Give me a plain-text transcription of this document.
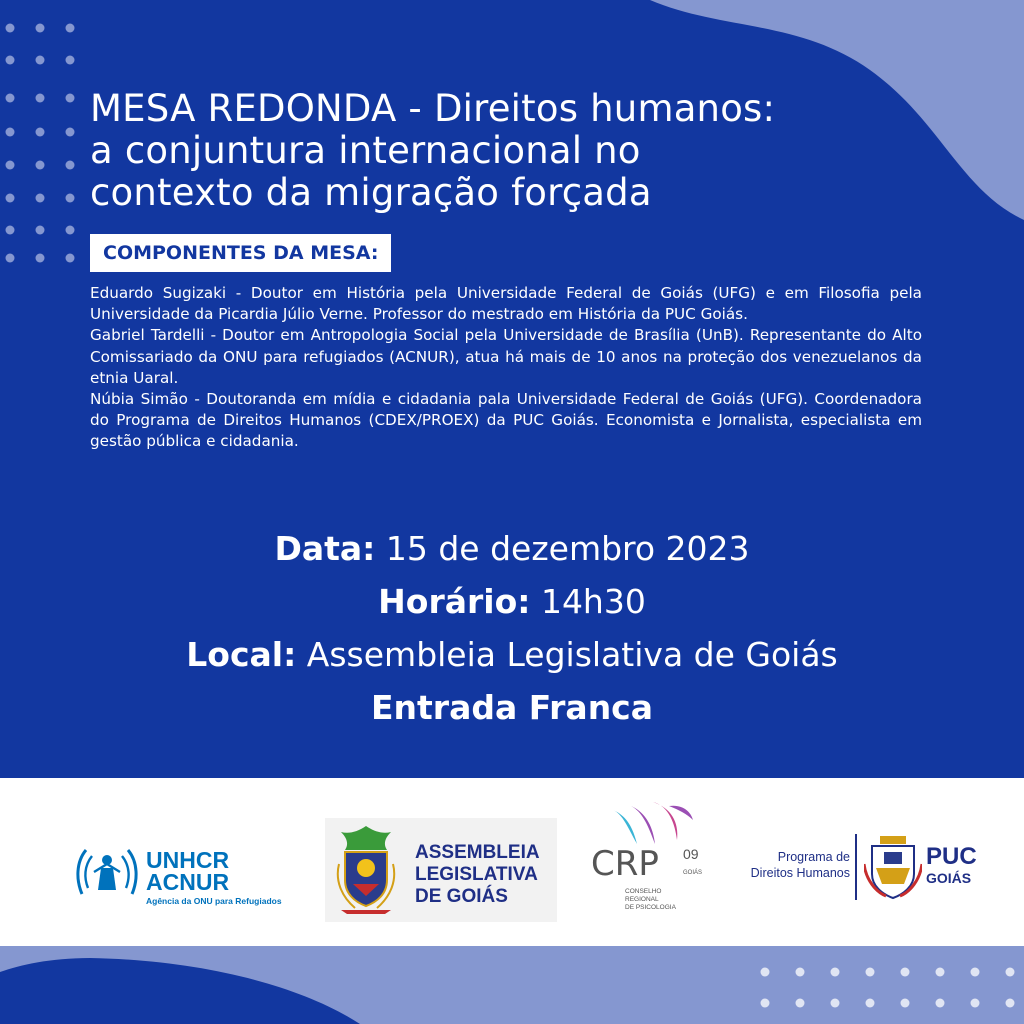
MESA REDONDA - Direitos humanos:
a conjuntura internacional no
contexto da migração forçada
COMPONENTES DA MESA:

Eduardo Sugizaki - Doutor em História pela Universidade Federal de Goiás (UFG) e em Filosofia pela Universidade da Picardia Júlio Verne. Professor do mestrado em História da PUC Goiás.

Gabriel Tardelli - Doutor em Antropologia Social pela Universidade de Brasília (UnB). Representante do Alto Comissariado da ONU para refugiados (ACNUR), atua há mais de 10 anos na proteção dos venezuelanos da etnia Uaral.

Núbia Simão - Doutoranda em mídia e cidadania pala Universidade Federal de Goiás (UFG). Coordenadora do Programa de Direitos Humanos (CDEX/PROEX) da PUC Goiás. Economista e Jornalista, especialista em gestão pública e cidadania.

Data: 15 de dezembro 2023
Horário: 14h30
Local: Assembleia Legislativa de Goiás
Entrada Franca
UNHCR
ACNUR
Agência da ONU para Refugiados
ASSEMBLEIA
LEGISLATIVA
DE GOIÁS
CRP 09
GOIÁS
CONSELHO
REGIONAL
DE PSICOLOGIA
Programa de
Direitos Humanos
PUC
GOIÁS
